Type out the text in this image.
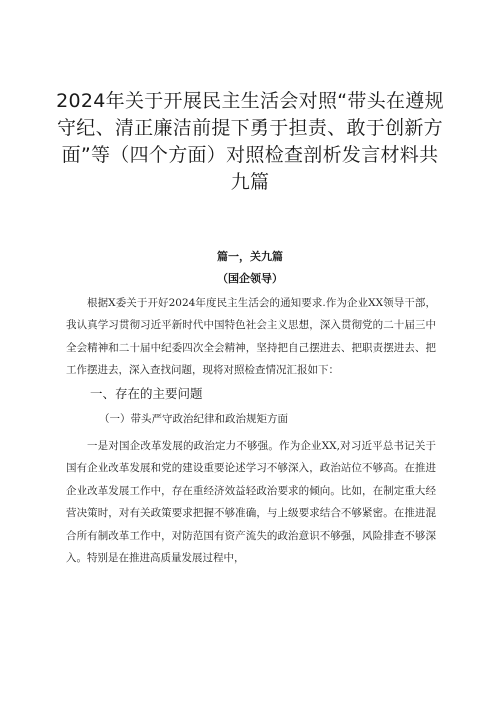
2024年关于开展民主生活会对照“带头在遵规守纪、清正廉洁前提下勇于担责、敢于创新方面”等（四个方面）对照检查剖析发言材料共九篇
篇一，关九篇
（国企领导）

根据X委关于开好2024年度民主生活会的通知要求.作为企业XX领导干部，我认真学习贯彻习近平新时代中国特色社会主义思想，深入贯彻党的二十届三中全会精神和二十届中纪委四次全会精神，坚持把自己摆进去、把职责摆进去、把工作摆进去，深入查找问题，现将对照检查情况汇报如下：

一、存在的主要问题
（一）带头严守政治纪律和政治规矩方面

一是对国企改革发展的政治定力不够强。作为企业XX,对习近平总书记关于国有企业改革发展和党的建设重要论述学习不够深入，政治站位不够高。在推进企业改革发展工作中，存在重经济效益轻政治要求的倾向。比如，在制定重大经营决策时，对有关政策要求把握不够准确，与上级要求结合不够紧密。在推进混合所有制改革工作中，对防范国有资产流失的政治意识不够强，风险排查不够深入。特别是在推进高质量发展过程中，
